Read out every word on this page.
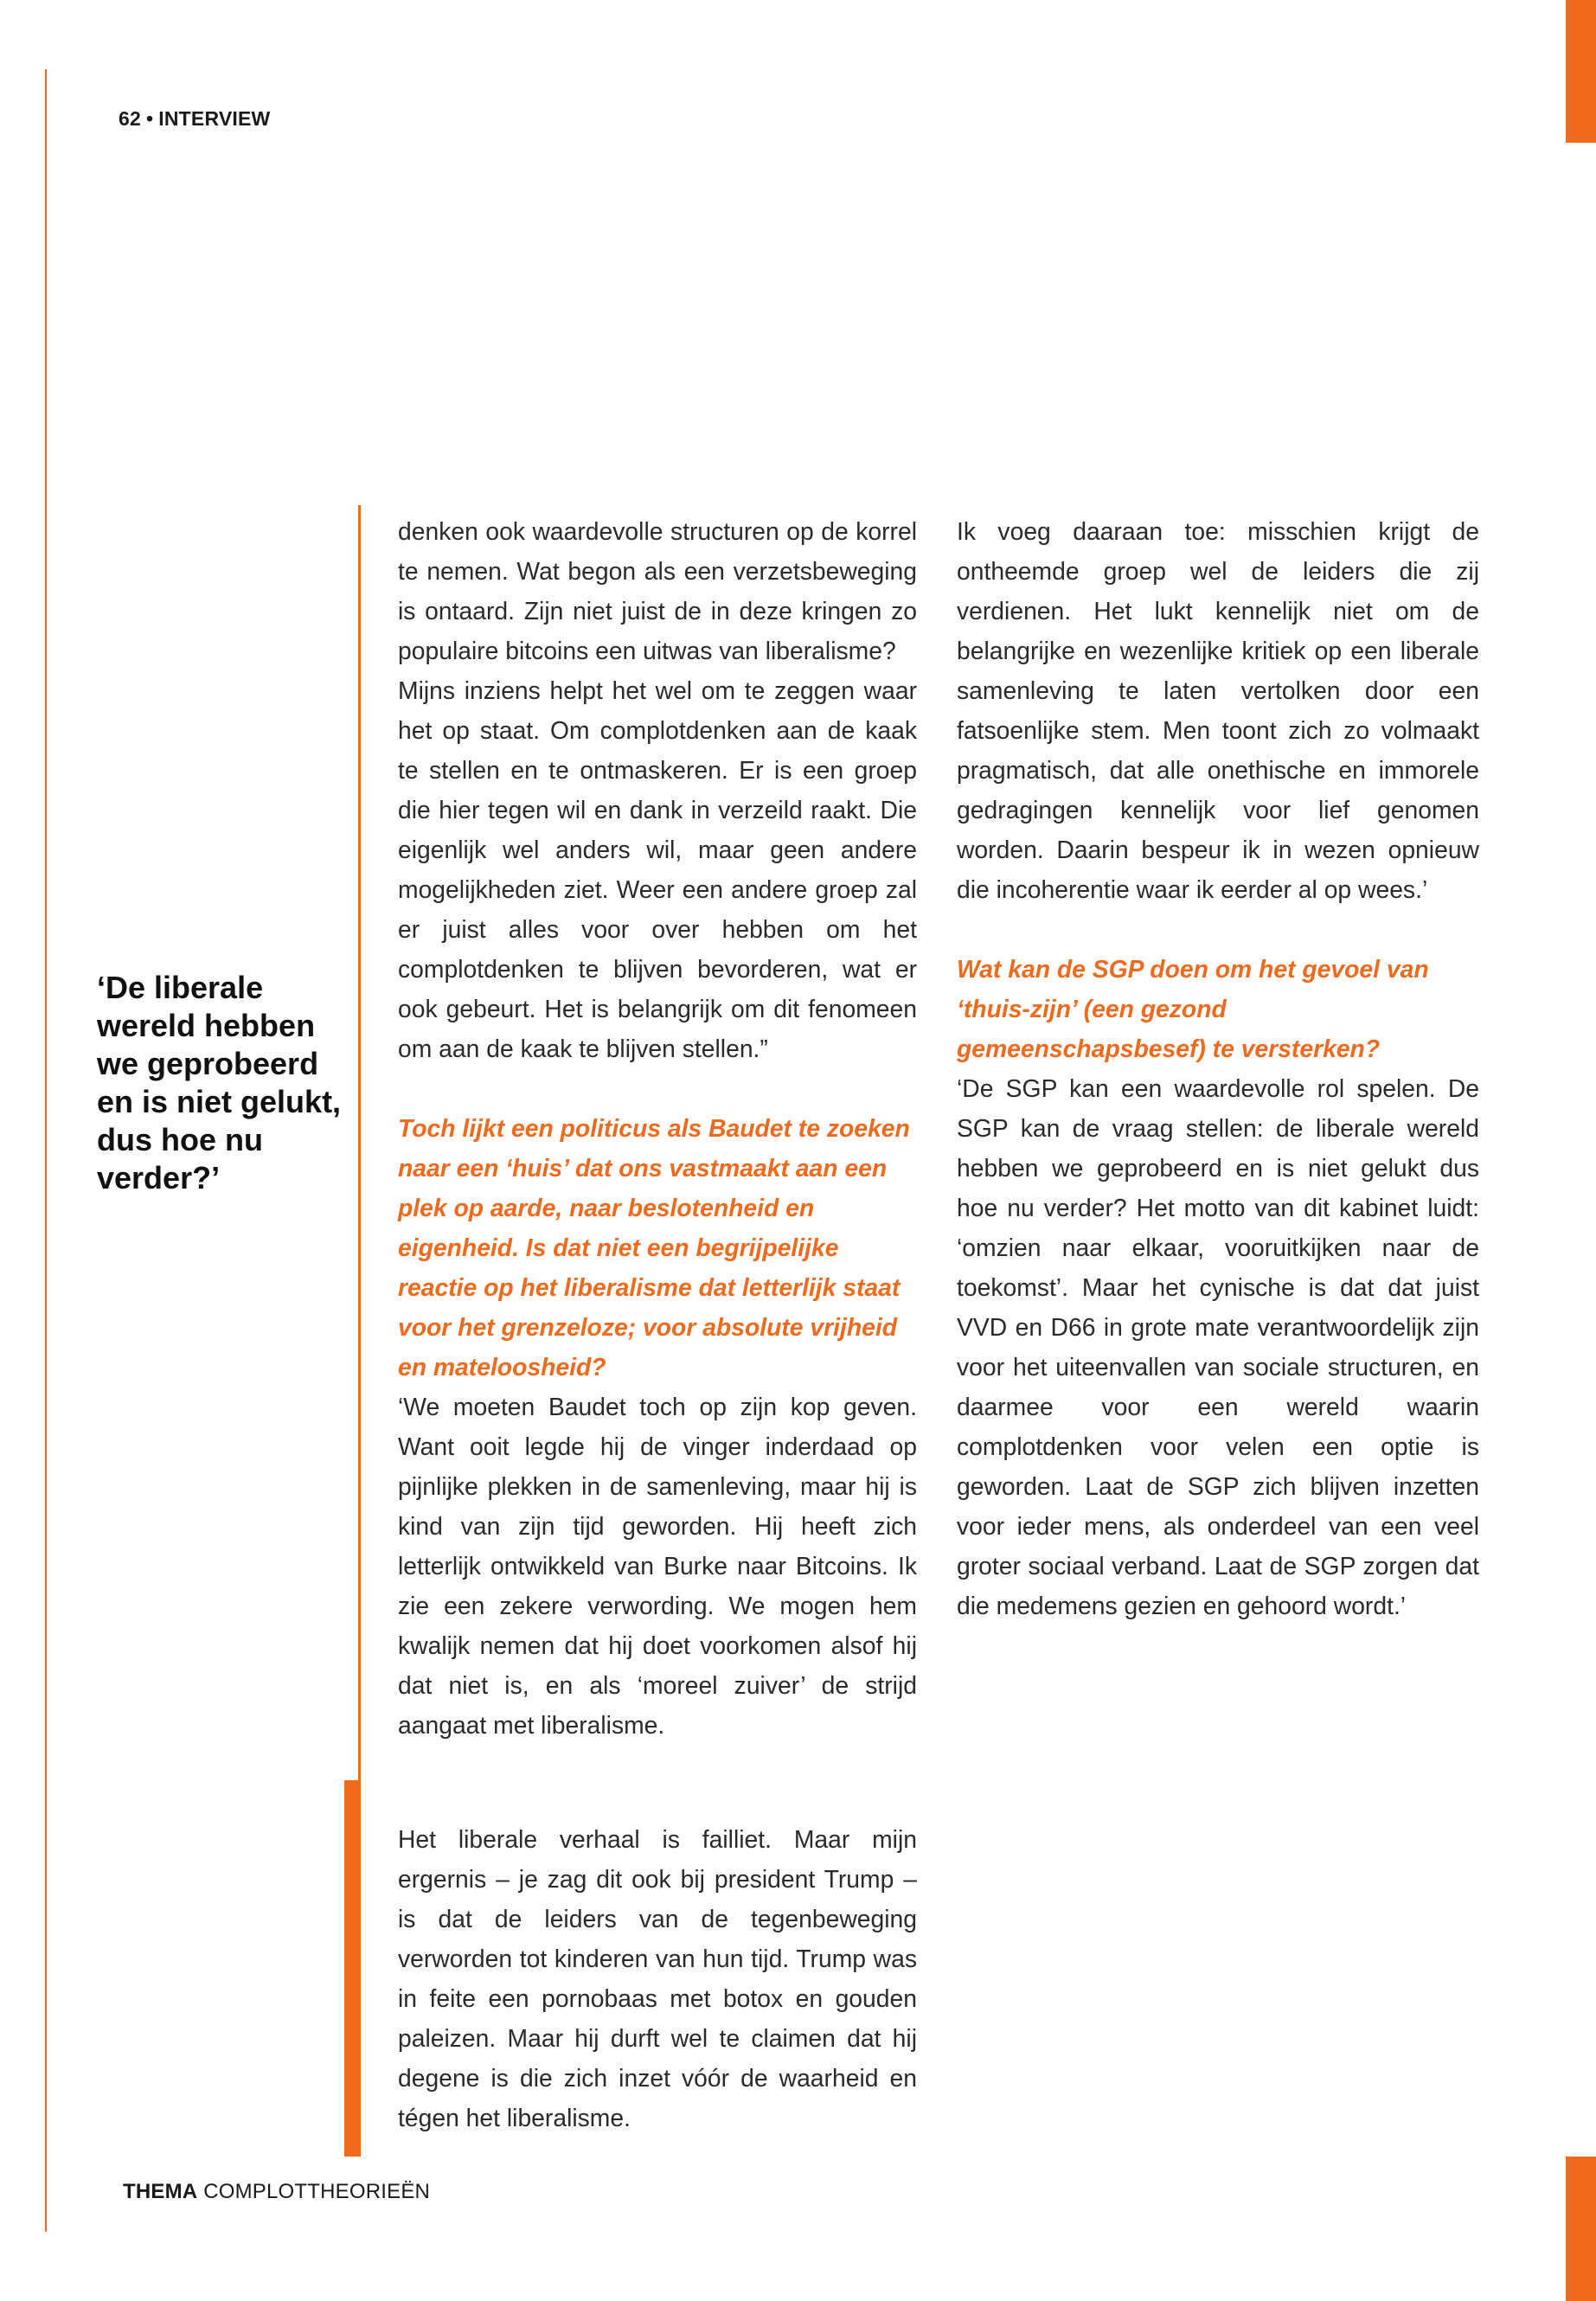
62 • INTERVIEW
‘De liberale wereld hebben we geprobeerd en is niet gelukt, dus hoe nu verder?’

denken ook waardevolle structuren op de korrel te nemen. Wat begon als een verzetsbeweging is ontaard. Zijn niet juist de in deze kringen zo populaire bitcoins een uitwas van liberalisme?

Mijns inziens helpt het wel om te zeggen waar het op staat. Om complotdenken aan de kaak te stellen en te ontmaskeren. Er is een groep die hier tegen wil en dank in verzeild raakt. Die eigenlijk wel anders wil, maar geen andere mogelijkheden ziet. Weer een andere groep zal er juist alles voor over hebben om het complotdenken te blijven bevorderen, wat er ook gebeurt. Het is belangrijk om dit fenomeen om aan de kaak te blijven stellen.”

Toch lijkt een politicus als Baudet te zoeken naar een ‘huis’ dat ons vastmaakt aan een plek op aarde, naar beslotenheid en eigenheid. Is dat niet een begrijpelijke reactie op het liberalisme dat letterlijk staat voor het grenzeloze; voor absolute vrijheid en mateloosheid?

‘We moeten Baudet toch op zijn kop geven. Want ooit legde hij de vinger inderdaad op pijnlijke plekken in de samenleving, maar hij is kind van zijn tijd geworden. Hij heeft zich letterlijk ontwikkeld van Burke naar Bitcoins. Ik zie een zekere verwording. We mogen hem kwalijk nemen dat hij doet voorkomen alsof hij dat niet is, en als ‘moreel zuiver’ de strijd aangaat met liberalisme.

Het liberale verhaal is failliet. Maar mijn ergernis – je zag dit ook bij president Trump – is dat de leiders van de tegenbeweging verworden tot kinderen van hun tijd. Trump was in feite een pornobaas met botox en gouden paleizen. Maar hij durft wel te claimen dat hij degene is die zich inzet vóór de waarheid en tégen het liberalisme.

Ik voeg daaraan toe: misschien krijgt de ontheemde groep wel de leiders die zij verdienen. Het lukt kennelijk niet om de belangrijke en wezenlijke kritiek op een liberale samenleving te laten vertolken door een fatsoenlijke stem. Men toont zich zo volmaakt pragmatisch, dat alle onethische en immorele gedragingen kennelijk voor lief genomen worden. Daarin bespeur ik in wezen opnieuw die incoherentie waar ik eerder al op wees.’

Wat kan de SGP doen om het gevoel van ‘thuis-zijn’ (een gezond gemeenschapsbesef) te versterken?

‘De SGP kan een waardevolle rol spelen. De SGP kan de vraag stellen: de liberale wereld hebben we geprobeerd en is niet gelukt dus hoe nu verder? Het motto van dit kabinet luidt: ‘omzien naar elkaar, vooruitkijken naar de toekomst’. Maar het cynische is dat dat juist VVD en D66 in grote mate verantwoordelijk zijn voor het uiteenvallen van sociale structuren, en daarmee voor een wereld waarin complotdenken voor velen een optie is geworden. Laat de SGP zich blijven inzetten voor ieder mens, als onderdeel van een veel groter sociaal verband. Laat de SGP zorgen dat die medemens gezien en gehoord wordt.’

THEMA COMPLOTTHEORIEËN
